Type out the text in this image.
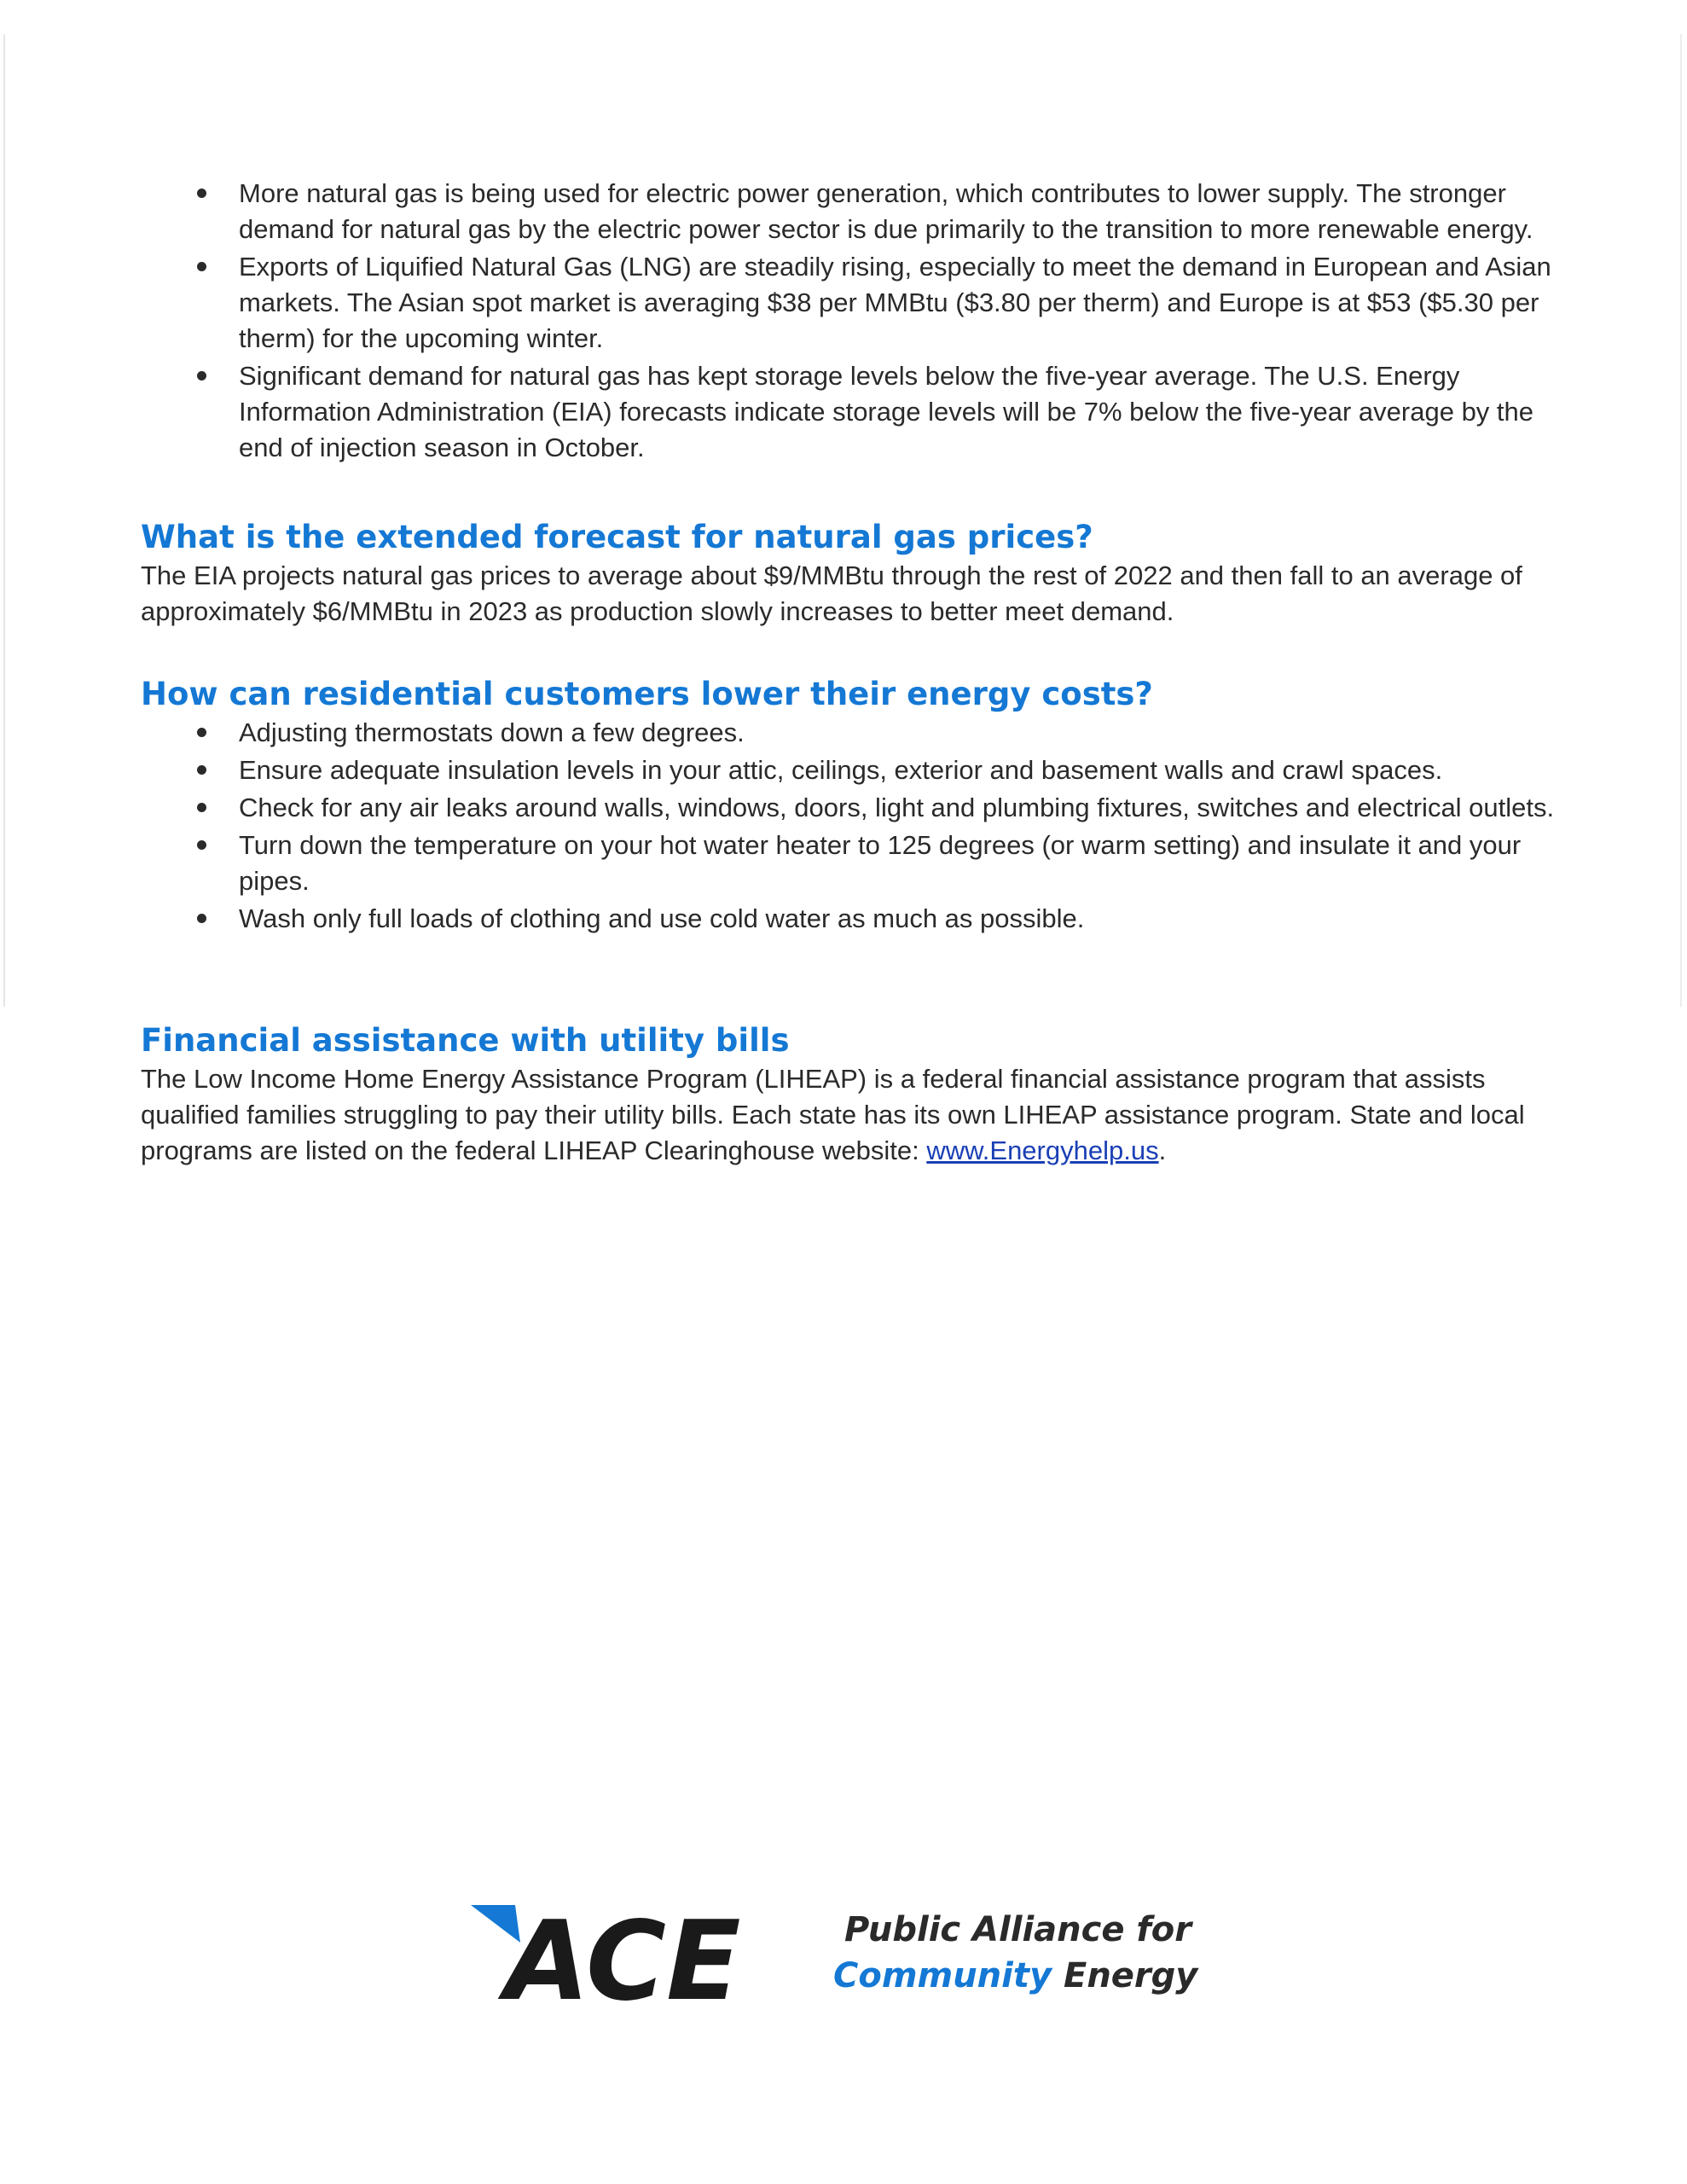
More natural gas is being used for electric power generation, which contributes to lower supply. The stronger demand for natural gas by the electric power sector is due primarily to the transition to more renewable energy.
Exports of Liquified Natural Gas (LNG) are steadily rising, especially to meet the demand in European and Asian markets. The Asian spot market is averaging $38 per MMBtu ($3.80 per therm) and Europe is at $53 ($5.30 per therm) for the upcoming winter.
Significant demand for natural gas has kept storage levels below the five-year average. The U.S. Energy Information Administration (EIA) forecasts indicate storage levels will be 7% below the five-year average by the end of injection season in October.
What is the extended forecast for natural gas prices?

The EIA projects natural gas prices to average about $9/MMBtu through the rest of 2022 and then fall to an average of approximately $6/MMBtu in 2023 as production slowly increases to better meet demand.

How can residential customers lower their energy costs?
Adjusting thermostats down a few degrees.
Ensure adequate insulation levels in your attic, ceilings, exterior and basement walls and crawl spaces.
Check for any air leaks around walls, windows, doors, light and plumbing fixtures, switches and electrical outlets.
Turn down the temperature on your hot water heater to 125 degrees (or warm setting) and insulate it and your pipes.
Wash only full loads of clothing and use cold water as much as possible.
Financial assistance with utility bills

The Low Income Home Energy Assistance Program (LIHEAP) is a federal financial assistance program that assists qualified families struggling to pay their utility bills. Each state has its own LIHEAP assistance program. State and local programs are listed on the federal LIHEAP Clearinghouse website: www.Energyhelp.us.

ACE	Public Alliance for
Community Energy
